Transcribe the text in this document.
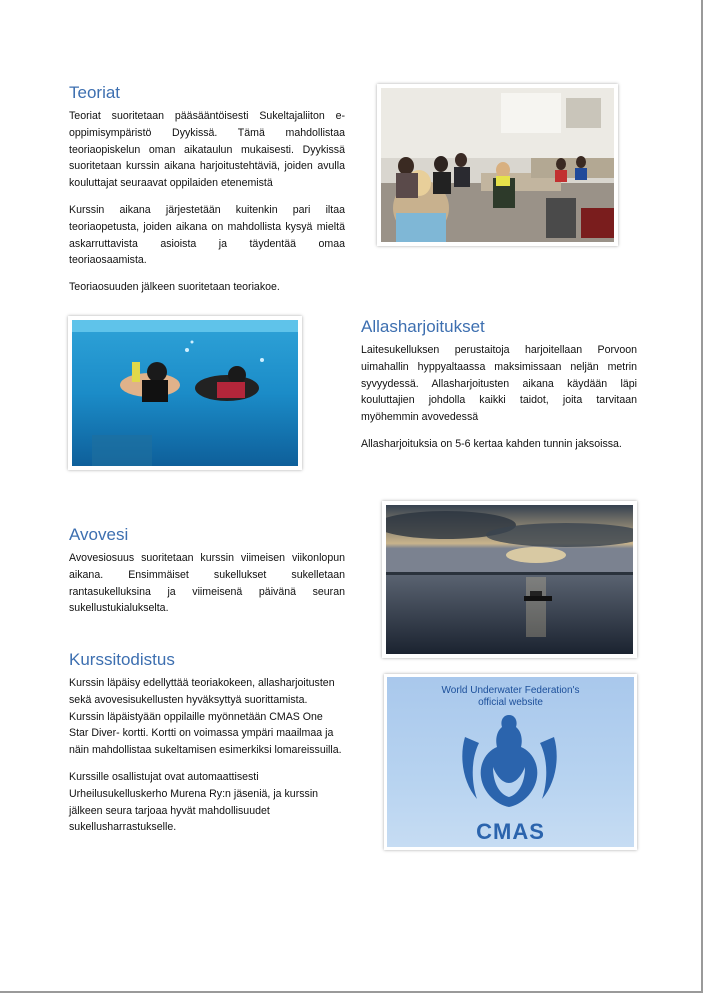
Teoriat

Teoriat suoritetaan pääsääntöisesti Sukeltajaliiton e-oppimisympäristö Dyykissä. Tämä mahdollistaa teoriaopiskelun oman aikataulun mukaisesti. Dyykissä suoritetaan kurssin aikana harjoitustehtäviä, joiden avulla kouluttajat seuraavat oppilaiden etenemistä

Kurssin aikana järjestetään kuitenkin pari iltaa teoriaopetusta, joiden aikana on mahdollista kysyä mieltä askarruttavista asioista ja täydentää omaa teoriaosaamista.

Teoriaosuuden jälkeen suoritetaan teoriakoe.

Allasharjoitukset

Laitesukelluksen perustaitoja harjoitellaan Porvoon uimahallin hyppyaltaassa maksimissaan neljän metrin syvyydessä. Allasharjoitusten aikana käydään läpi kouluttajien johdolla kaikki taidot, joita tarvitaan myöhemmin avovedessä

Allasharjoituksia on 5-6 kertaa kahden tunnin jaksoissa.

Avovesi

Avovesiosuus suoritetaan kurssin viimeisen viikonlopun aikana. Ensimmäiset sukellukset sukelletaan rantasukelluksina ja viimeisenä päivänä seuran sukellustukialukselta.

Kurssitodistus

Kurssin läpäisy edellyttää teoriakokeen, allasharjoitusten sekä avovesisukellusten hyväksyttyä suorittamista. Kurssin läpäistyään oppilaille myönnetään CMAS One Star Diver- kortti. Kortti on voimassa ympäri maailmaa ja näin mahdollistaa sukeltamisen esimerkiksi lomareissuilla.

Kurssille osallistujat ovat automaattisesti Urheilusukelluskerho Murena Ry:n jäseniä, ja kurssin jälkeen seura tarjoaa hyvät mahdollisuudet sukellusharrastukselle.

World Underwater Federation's
official website
CMAS
